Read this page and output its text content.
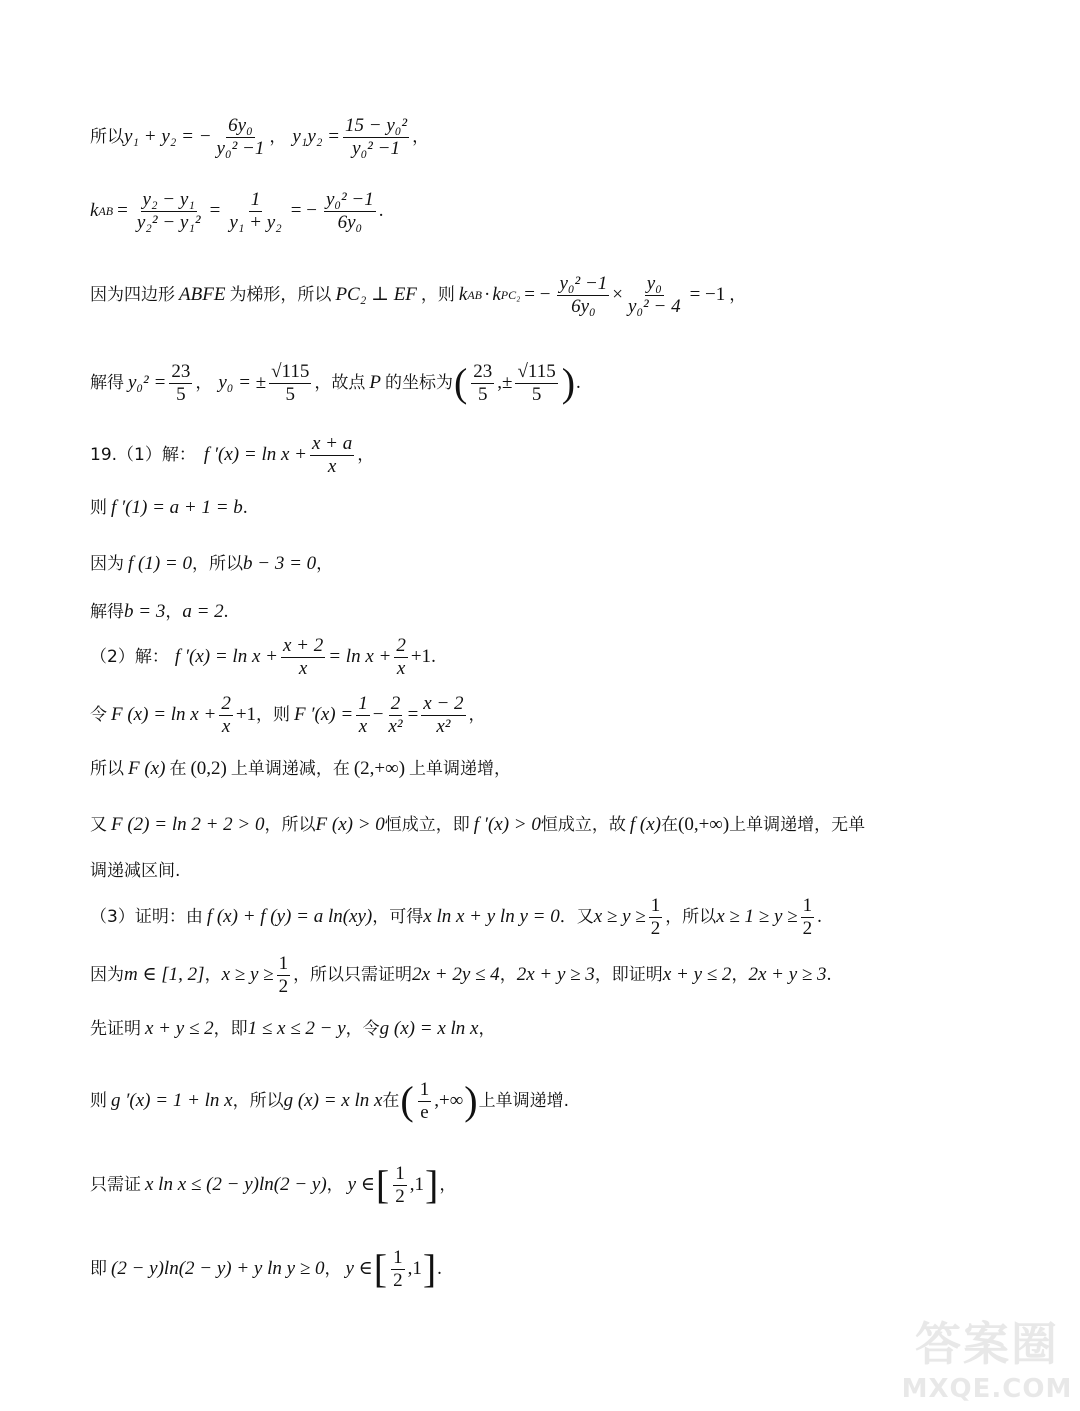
所以 y₁ + y₂ = − $\frac{\text{6y₀}}{\text{y₀² −1}}$ ， $y_1y_2 = \frac{\text{15 − y₀²}}{\text{y₀² −1}}$ ，
k AB = $\frac{\text{y₂ − y₁}}{\text{y₂² − y₁²}} = \frac{1}{\text{y₁ + y₂}}$ = − $\frac{\text{y₀² −1}}{\text{6y₀}}$ .
因为四边形 ABFE 为梯形，所以 PC₂ ⊥ EF ，则 k AB · k PC₂ = − $\frac{\text{y₀² −1}}{\text{6y₀}} \times \frac{\text{y₀}}{\text{y₀² − 4}} = -1$ ，
解得 $y_0^2 = \frac{23}{5}$ ， y₀ = ± $\frac{√115}{5}$ ，故点 P 的坐标为 ( $\frac{23}{5}$ ,± $\frac{√115}{5}$ ) .
19.（1）解： f $'(x) = \ln x + \frac{x + a}{x}$ ，
则 f ′(1) = a + 1 = b .
因为 f (1) = 0 ，所以 b − 3 = 0 ，
解得 b = 3 ， a = 2 .
（2）解： f $'(x) = \ln x + \frac{x + 2}{x} = \ln x + \frac{2}{x} +1$ .
令 F $(x) = \ln x + \frac{2}{x} +1$ ，则 F $'(x) = \frac{1}{x} - \frac{2}{\text{x²}} = \frac{x - 2}{\text{x²}}$ ，
所以 F (x) 在 (0,2) 上单调递减，在 (2,+∞) 上单调递增，
又 F (2) = ln 2 + 2 > 0 ，所以 F (x) > 0 恒成立，即 f ′(x) > 0 恒成立，故 f (x) 在 (0,+∞) 上单调递增，无单
调递减区间.
（3）证明：由 f (x) + f (y) = a ln(xy) ，可得 x ln x + y ln y = 0 ．又 $x \ge y \ge \frac{1}{2}$ ，所以 $x \ge 1 \ge y \ge \frac{1}{2}$ .
因为 m ∈ [1, 2] ， $x \ge y \ge \frac{1}{2}$ ，所以只需证明 2x + 2y ≤ 4 ， 2x + y ≥ 3 ，即证明 x + y ≤ 2 ， 2x + y ≥ 3 .
先证明 x + y ≤ 2 ，即 1 ≤ x ≤ 2 − y ，令 g (x) = x ln x ，
则 g ′(x) = 1 + ln x ，所以 g (x) = x ln x 在 ( $\frac{1}{e}$ ,+∞ ) 上单调递增.
只需证 x ln x ≤ (2 − y)ln(2 − y) ， y ∈ [ $\frac{1}{2} ,1$ ] ，
即 (2 − y)ln(2 − y) + y ln y ≥ 0 ， y ∈ [ $\frac{1}{2} ,1$ ] .
答案圈
MXQE.COM
